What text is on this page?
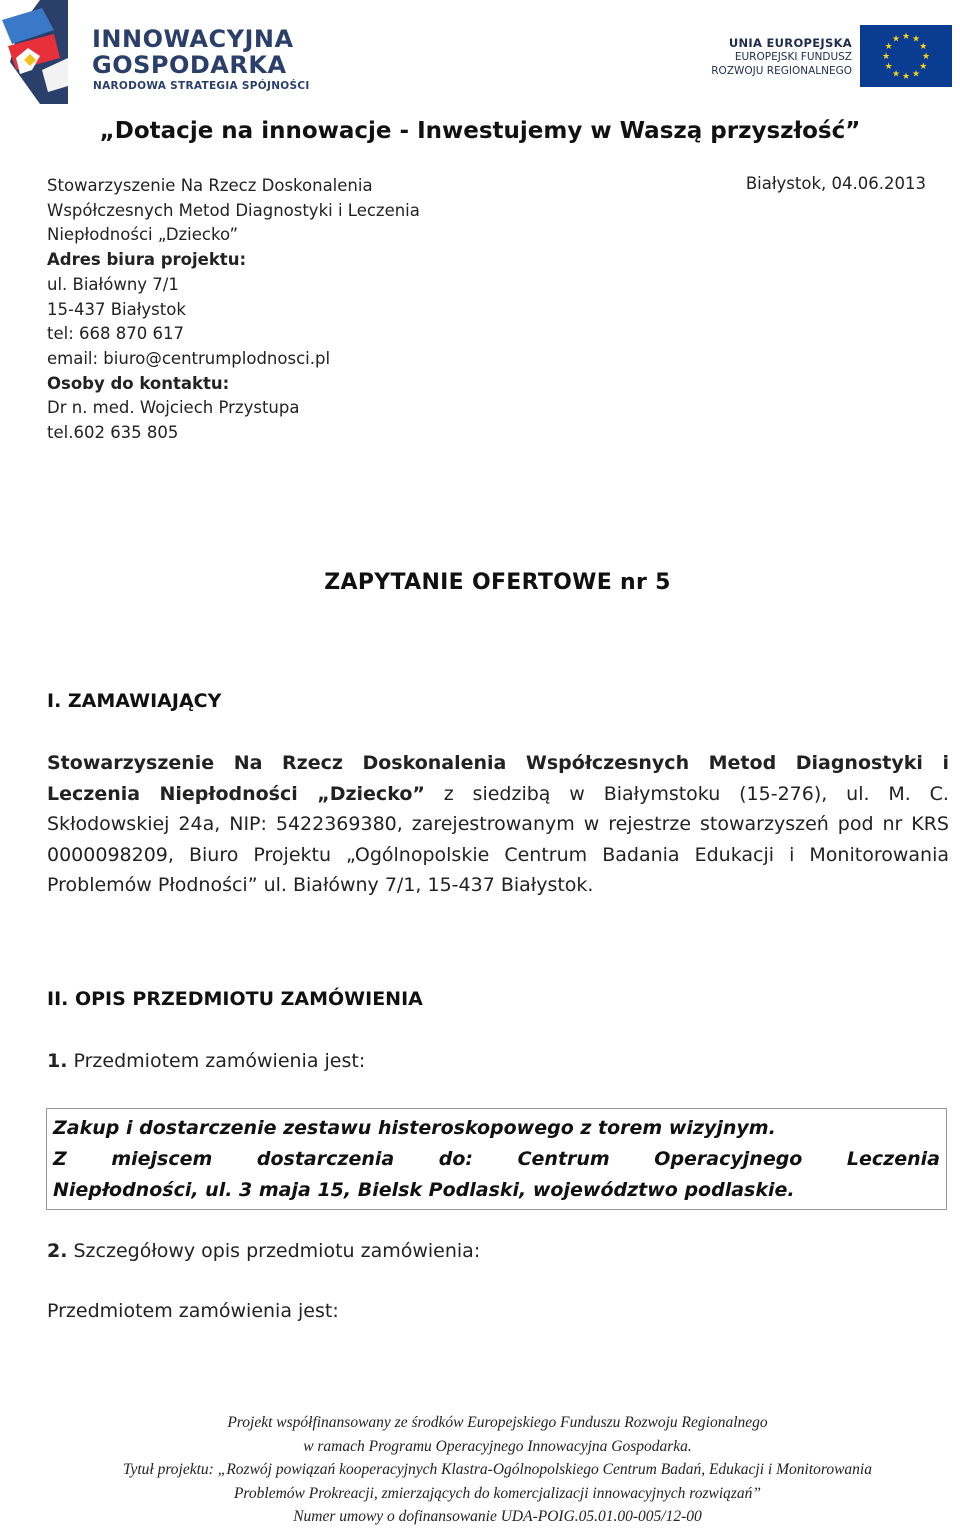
INNOWACYJNA
GOSPODARKA
NARODOWA STRATEGIA SPÓJNOŚCI
UNIA EUROPEJSKA
EUROPEJSKI FUNDUSZ
ROZWOJU REGIONALNEGO
★
★
★
★
★
★
★
★
★ ★ ★
★
„Dotacje na innowacje - Inwestujemy w Waszą przyszłość”
Stowarzyszenie Na Rzecz Doskonalenia
Współczesnych Metod Diagnostyki i Leczenia
Niepłodności „Dziecko”
Adres biura projektu:
ul. Białówny 7/1
15-437 Białystok
tel: 668 870 617
email: biuro@centrumplodnosci.pl
Osoby do kontaktu:
Dr n. med. Wojciech Przystupa
tel.602 635 805
Białystok, 04.06.2013
ZAPYTANIE OFERTOWE nr 5
I. ZAMAWIAJĄCY
Stowarzyszenie Na Rzecz Doskonalenia Współczesnych Metod Diagnostyki i Leczenia Niepłodności „Dziecko” z siedzibą w Białymstoku (15-276), ul. M. C. Skłodowskiej 24a, NIP: 5422369380, zarejestrowanym w rejestrze stowarzyszeń pod nr KRS 0000098209, Biuro Projektu „Ogólnopolskie Centrum Badania Edukacji i Monitorowania Problemów Płodności” ul. Białówny 7/1, 15-437 Białystok.
II. OPIS PRZEDMIOTU ZAMÓWIENIA
1. Przedmiotem zamówienia jest:
Zakup i dostarczenie zestawu histeroskopowego z torem wizyjnym.
Z miejscem dostarczenia do: Centrum Operacyjnego Leczenia
Niepłodności, ul. 3 maja 15, Bielsk Podlaski, województwo podlaskie.
2. Szczegółowy opis przedmiotu zamówienia:
Przedmiotem zamówienia jest:
Projekt współfinansowany ze środków Europejskiego Funduszu Rozwoju Regionalnego
w ramach Programu Operacyjnego Innowacyjna Gospodarka.
Tytuł projektu: „Rozwój powiązań kooperacyjnych Klastra-Ogólnopolskiego Centrum Badań, Edukacji i Monitorowania
Problemów Prokreacji, zmierzających do komercjalizacji innowacyjnych rozwiązań”
Numer umowy o dofinansowanie UDA-POIG.05.01.00-005/12-00
